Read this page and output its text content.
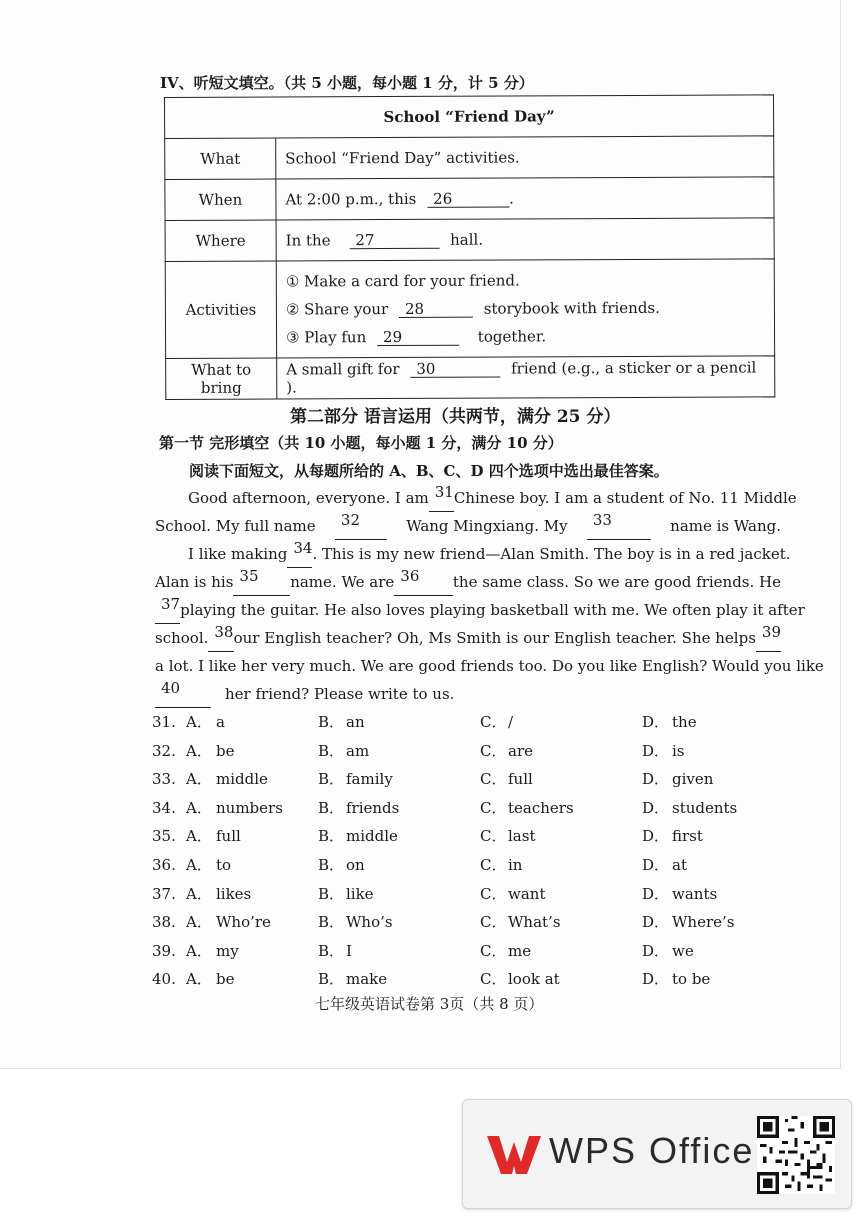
IV、听短文填空。（共 5 小题，每小题 1 分，计 5 分）
School “Friend Day”	
What	School “Friend Day” activities.
When	At 2:00 p.m., this 26 .
Where	In the 27 hall.
Activities	① Make a card for your friend.
② Share your 28 storybook with friends.
③ Play fun 29 together.

What to bring	A small gift for 30 friend (e.g., a sticker or a pencil ).
第二部分 语言运用（共两节，满分 25 分）
第一节 完形填空（共 10 小题，每小题 1 分，满分 10 分）
阅读下面短文，从每题所给的 A、B、C、D 四个选项中选出最佳答案。
Good afternoon, everyone. I am 31 Chinese boy. I am a student of No. 11 Middle
School. My full name	32	Wang Mingxiang. My	33	name is Wang.
I like making 34 . This is my new friend—Alan Smith. The boy is in a red jacket.
Alan is his 35	name. We are 36	the same class. So we are good friends. He
37 playing the guitar. He also loves playing basketball with me. We often play it after
school. 38 our English teacher? Oh, Ms Smith is our English teacher. She helps 39
a lot. I like her very much. We are good friends too. Do you like English? Would you like
40	her friend? Please write to us.
31. A． a	B． an	C． /	D． the
32. A． be	B． am	C． are	D． is
33. A． middle	B． family	C． full	D． given
34. A． numbers B． friends	C． teachers	D． students
35. A． full	B． middle	C． last	D． first
36. A． to	B． on	C． in	D． at
37. A． likes	B． like	C． want	D． wants
38. A． Who’re	B． Who’s	C． What’s	D． Where’s
39. A． my	B． I	C． me	D． we
40. A． be	B． make	C． look at	D． to be
七年级英语试卷第 3页（共 8 页）
WPS Office
